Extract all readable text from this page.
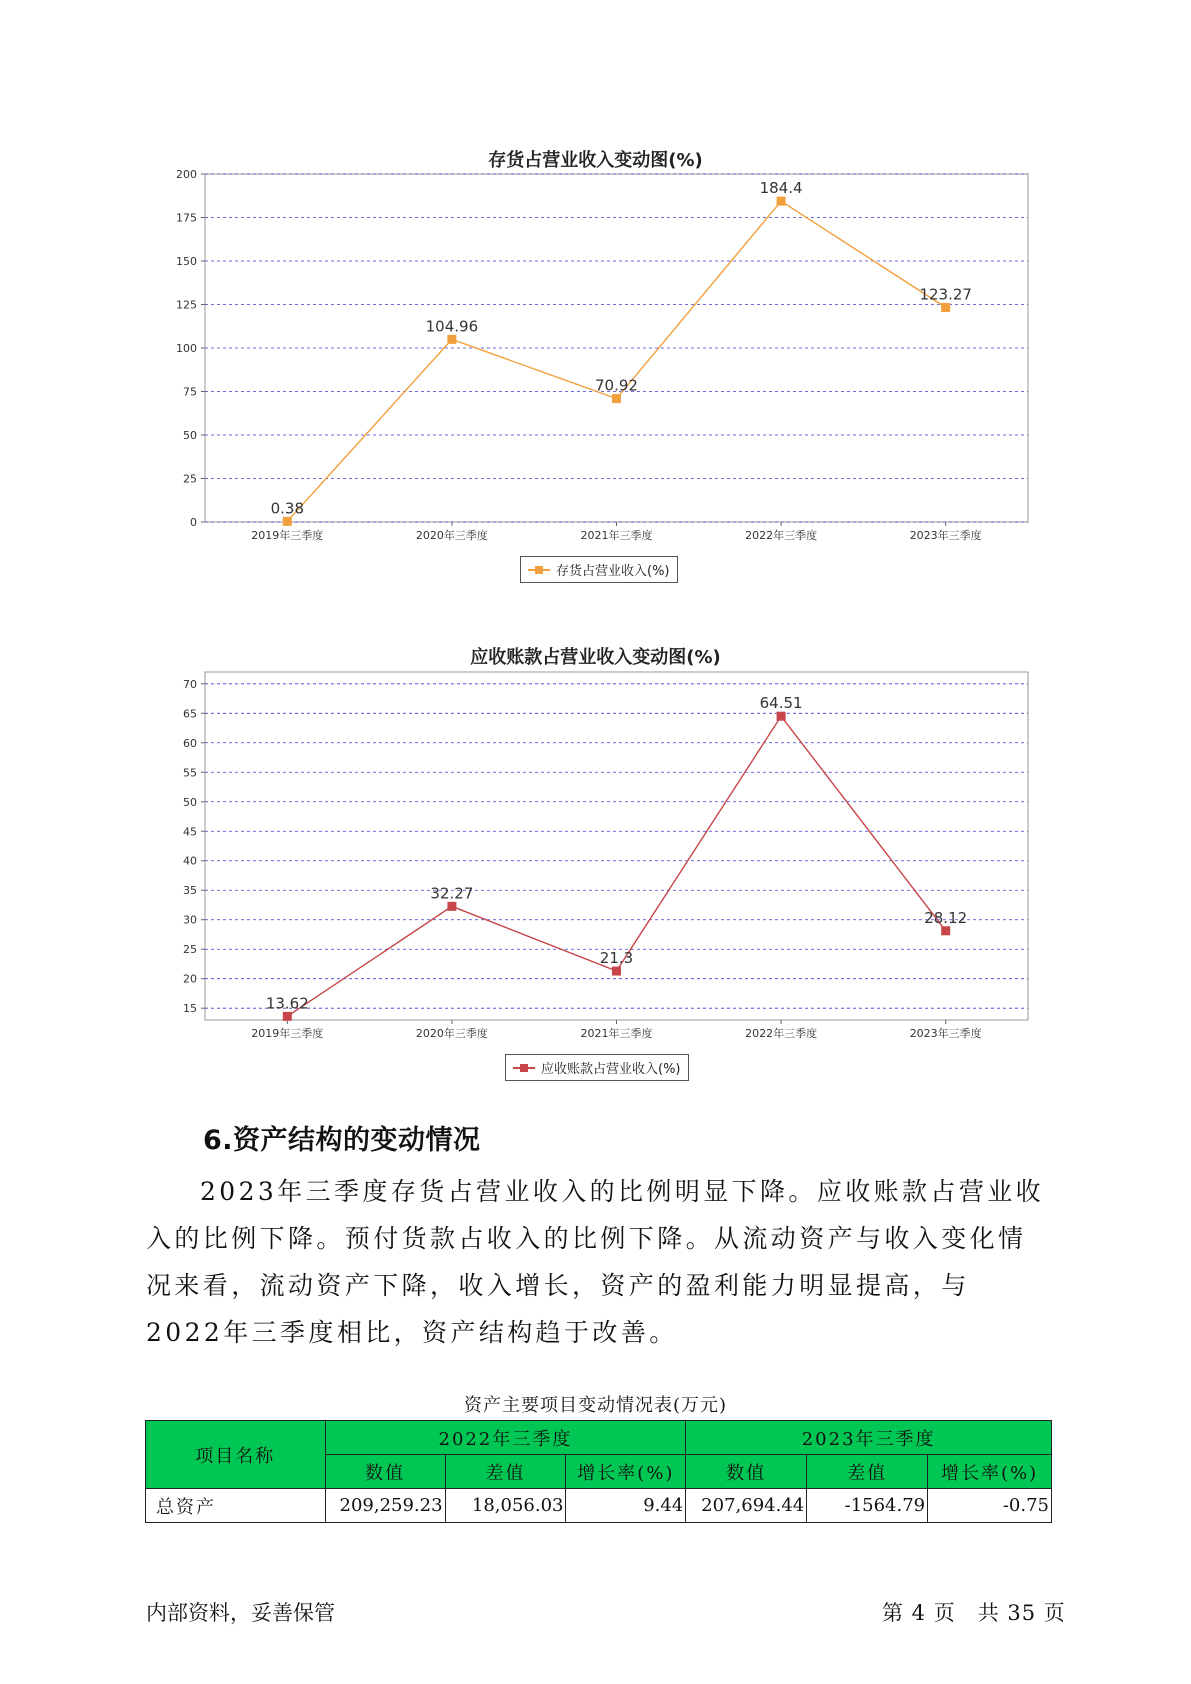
存货占营业收入变动图(%)
0
25
50
75
100
125
150
175
200
2019年三季度	2020年三季度	2021年三季度	2022年三季度	2023年三季度
0.38
104.96
70.92
184.4
123.27
存货占营业收入(%)
应收账款占营业收入变动图(%)
15
20
25
30
35
40
45
50
55
60
65
70
2019年三季度	2020年三季度	2021年三季度	2022年三季度	2023年三季度
13.62
32.27
21.3
64.51
28.12
应收账款占营业收入(%)
6.资产结构的变动情况
2023年三季度存货占营业收入的比例明显下降。应收账款占营业收入的比例下降。预付货款占收入的比例下降。从流动资产与收入变化情况来看，流动资产下降，收入增长，资产的盈利能力明显提高，与2022年三季度相比，资产结构趋于改善。
资产主要项目变动情况表(万元)
项目名称	2022年三季度			2023年三季度		
	数值	差值	增长率(%)	数值	差值	增长率(%)
总资产	209,259.23	18,056.03	9.44	207,694.44	-1564.79	-0.75
内部资料，妥善保管	第 4 页　共 35 页
